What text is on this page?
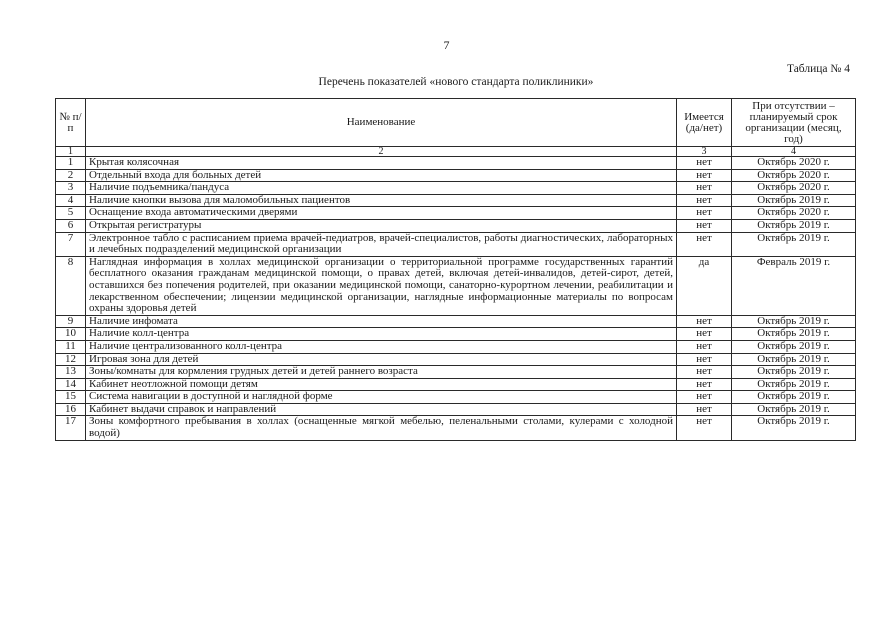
7
Таблица № 4
Перечень показателей «нового стандарта поликлиники»
№ п/п	Наименование	Имеется (да/нет)	При отсутствии – планируемый срок организации (месяц, год)
1	2	3	4
1	Крытая колясочная	нет	Октябрь 2020 г.
2	Отдельный входа для больных детей	нет	Октябрь 2020 г.
3	Наличие подъемника/пандуса	нет	Октябрь 2020 г.
4	Наличие кнопки вызова для маломобильных пациентов	нет	Октябрь 2019 г.
5	Оснащение входа автоматическими дверями	нет	Октябрь 2020 г.
6	Открытая регистратуры	нет	Октябрь 2019 г.
7	Электронное табло с расписанием приема врачей-педиатров, врачей-специалистов, работы диагностических, лабораторных и лечебных подразделений медицинской организации	нет	Октябрь 2019 г.
8	Наглядная информация в холлах медицинской организации о территориальной программе государственных гарантий бесплатного оказания гражданам медицинской помощи, о правах детей, включая детей-инвалидов, детей-сирот, детей, оставшихся без попечения родителей, при оказании медицинской помощи, санаторно-курортном лечении, реабилитации и лекарственном обеспечении; лицензии медицинской организации, наглядные информационные материалы по вопросам охраны здоровья детей	да	Февраль 2019 г.
9	Наличие инфомата	нет	Октябрь 2019 г.
10	Наличие колл-центра	нет	Октябрь 2019 г.
11	Наличие централизованного колл-центра	нет	Октябрь 2019 г.
12	Игровая зона для детей	нет	Октябрь 2019 г.
13	Зоны/комнаты для кормления грудных детей и детей раннего возраста	нет	Октябрь 2019 г.
14	Кабинет неотложной помощи детям	нет	Октябрь 2019 г.
15	Система навигации в доступной и наглядной форме	нет	Октябрь 2019 г.
16	Кабинет выдачи справок и направлений	нет	Октябрь 2019 г.
17	Зоны комфортного пребывания в холлах (оснащенные мягкой мебелью, пеленальными столами, кулерами с холодной водой)	нет	Октябрь 2019 г.
